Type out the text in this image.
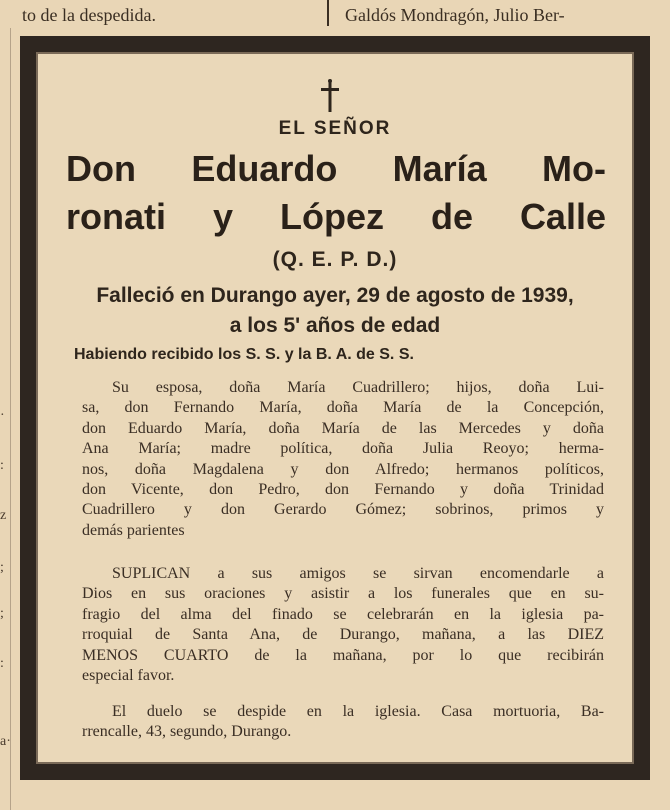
to de la despedida.	Galdós Mondragón, Julio Ber-
·
:
z
;
;
:
a·
EL SEÑOR
Don Eduardo María Mo-
ronati y López de Calle
(Q. E. P. D.)
Falleció en Durango ayer, 29 de agosto de 1939,
a los 5' años de edad
Habiendo recibido los S. S. y la B. A. de S. S.
Su esposa, doña María Cuadrillero; hijos, doña Lui-
sa, don Fernando María, doña María de la Concepción,
don Eduardo María, doña María de las Mercedes y doña
Ana María; madre política, doña Julia Reoyo; herma-
nos, doña Magdalena y don Alfredo; hermanos políticos,
don Vicente, don Pedro, don Fernando y doña Trinidad
Cuadrillero y don Gerardo Gómez; sobrinos, primos y
demás parientes
SUPLICAN a sus amigos se sirvan encomendarle a
Dios en sus oraciones y asistir a los funerales que en su-
fragio del alma del finado se celebrarán en la iglesia pa-
rroquial de Santa Ana, de Durango, mañana, a las DIEZ
MENOS CUARTO de la mañana, por lo que recibirán
especial favor.
El duelo se despide en la iglesia. Casa mortuoria, Ba-
rrencalle, 43, segundo, Durango.
